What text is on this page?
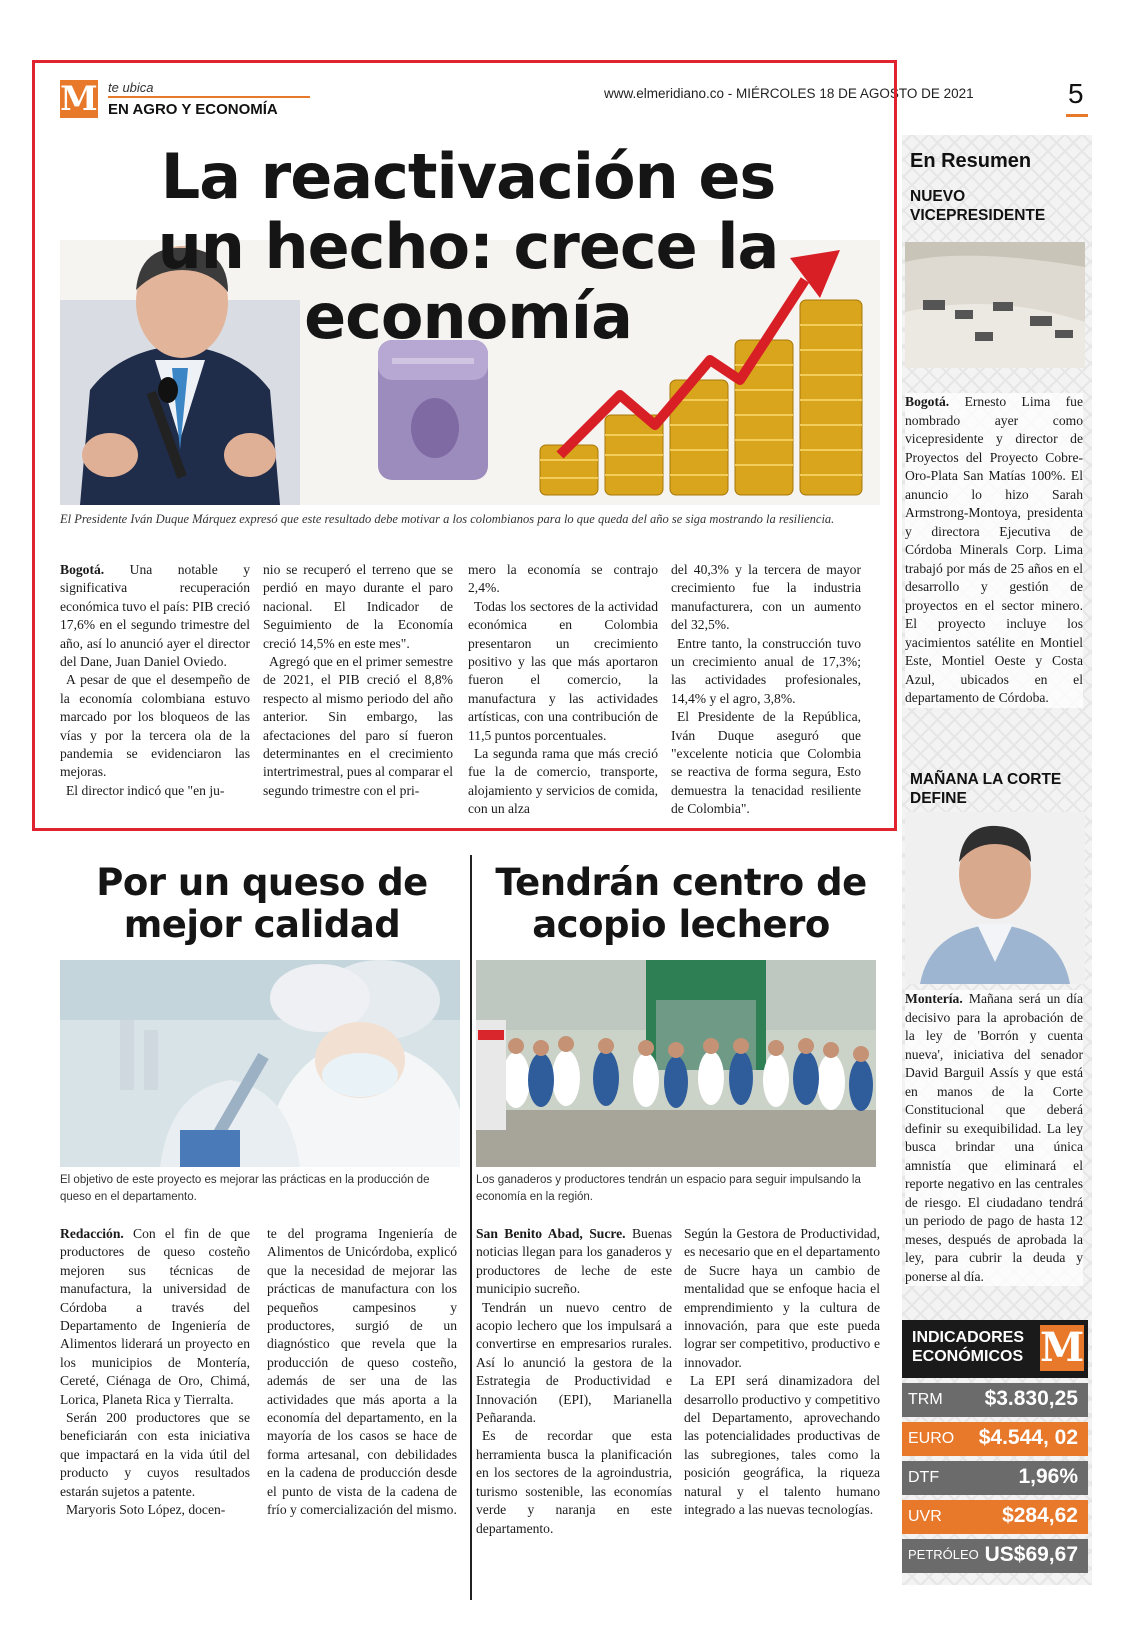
M te ubica
EN AGRO Y ECONOMÍA
www.elmeridiano.co - MIÉRCOLES 18 DE AGOSTO DE 2021	5
La reactivación es un hecho: crece la economía
El Presidente Iván Duque Márquez expresó que este resultado debe motivar a los colombianos para lo que queda del año se siga mostrando la resiliencia.

Bogotá. Una notable y significativa recuperación económica tuvo el país: PIB creció 17,6% en el segundo trimestre del año, así lo anunció ayer el director del Dane, Juan Daniel Oviedo.

A pesar de que el desempeño de la economía colombiana estuvo marcado por los bloqueos de las vías y por la tercera ola de la pandemia se evidenciaron las mejoras.

El director indicó que "en ju-

nio se recuperó el terreno que se perdió en mayo durante el paro nacional. El Indicador de Seguimiento de la Economía creció 14,5% en este mes".

Agregó que en el primer semestre de 2021, el PIB creció el 8,8% respecto al mismo periodo del año anterior. Sin embargo, las afectaciones del paro sí fueron determinantes en el crecimiento intertrimestral, pues al comparar el segundo trimestre con el pri-

mero la economía se contrajo 2,4%.

Todas los sectores de la actividad económica en Colombia presentaron un crecimiento positivo y las que más aportaron fueron el comercio, la manufactura y las actividades artísticas, con una contribución de 11,5 puntos porcentuales.

La segunda rama que más creció fue la de comercio, transporte, alojamiento y servicios de comida, con un alza

del 40,3% y la tercera de mayor crecimiento fue la industria manufacturera, con un aumento del 32,5%.

Entre tanto, la construcción tuvo un crecimiento anual de 17,3%; las actividades profesionales, 14,4% y el agro, 3,8%.

El Presidente de la República, Iván Duque aseguró que "excelente noticia que Colombia se reactiva de forma segura, Esto demuestra la tenacidad resiliente de Colombia".

En Resumen
NUEVO VICEPRESIDENTE

Bogotá. Ernesto Lima fue nombrado ayer como vicepresidente y director de Proyectos del Proyecto Cobre-Oro-Plata San Matías 100%. El anuncio lo hizo Sarah Armstrong-Montoya, presidenta y directora Ejecutiva de Córdoba Minerals Corp. Lima trabajó por más de 25 años en el desarrollo y gestión de proyectos en el sector minero. El proyecto incluye los yacimientos satélite en Montiel Este, Montiel Oeste y Costa Azul, ubicados en el departamento de Córdoba.

MAÑANA LA CORTE DEFINE

Montería. Mañana será un día decisivo para la aprobación de la ley de 'Borrón y cuenta nueva', iniciativa del senador David Barguil Assís y que está en manos de la Corte Constitucional que deberá definir su exequibilidad. La ley busca brindar una única amnistía que eliminará el reporte negativo en las centrales de riesgo. El ciudadano tendrá un periodo de pago de hasta 12 meses, después de aprobada la ley, para cubrir la deuda y ponerse al día.

INDICADORES
ECONÓMICOS M
TRM $3.830,25
EURO $4.544, 02
DTF	1,96%
UVR	$284,62
PETRÓLEO US$69,67
Por un queso de mejor calidad
El objetivo de este proyecto es mejorar las prácticas en la producción de queso en el departamento.

Redacción. Con el fin de que productores de queso costeño mejoren sus técnicas de manufactura, la universidad de Córdoba a través del Departamento de Ingeniería de Alimentos liderará un proyecto en los municipios de Montería, Cereté, Ciénaga de Oro, Chimá, Lorica, Planeta Rica y Tierralta.

Serán 200 productores que se beneficiarán con esta iniciativa que impactará en la vida útil del producto y cuyos resultados estarán sujetos a patente.

Maryoris Soto López, docen-

te del programa Ingeniería de Alimentos de Unicórdoba, explicó que la necesidad de mejorar las prácticas de manufactura con los pequeños campesinos y productores, surgió de un diagnóstico que revela que la producción de queso costeño, además de ser una de las actividades que más aporta a la economía del departamento, en la mayoría de los casos se hace de forma artesanal, con debilidades en la cadena de producción desde el punto de vista de la cadena de frío y comercialización del mismo.

Tendrán centro de acopio lechero
Los ganaderos y productores tendrán un espacio para seguir impulsando la economía en la región.

San Benito Abad, Sucre. Buenas noticias llegan para los ganaderos y productores de leche de este municipio sucreño.

Tendrán un nuevo centro de acopio lechero que los impulsará a convertirse en empresarios rurales. Así lo anunció la gestora de la Estrategia de Productividad e Innovación (EPI), Marianella Peñaranda.

Es de recordar que esta herramienta busca la planificación en los sectores de la agroindustria, turismo sostenible, las economías verde y naranja en este departamento.

Según la Gestora de Productividad, es necesario que en el departamento de Sucre haya un cambio de mentalidad que se enfoque hacia el emprendimiento y la cultura de innovación, para que este pueda lograr ser competitivo, productivo e innovador.

La EPI será dinamizadora del desarrollo productivo y competitivo del Departamento, aprovechando las potencialidades productivas de las subregiones, tales como la posición geográfica, la riqueza natural y el talento humano integrado a las nuevas tecnologías.
